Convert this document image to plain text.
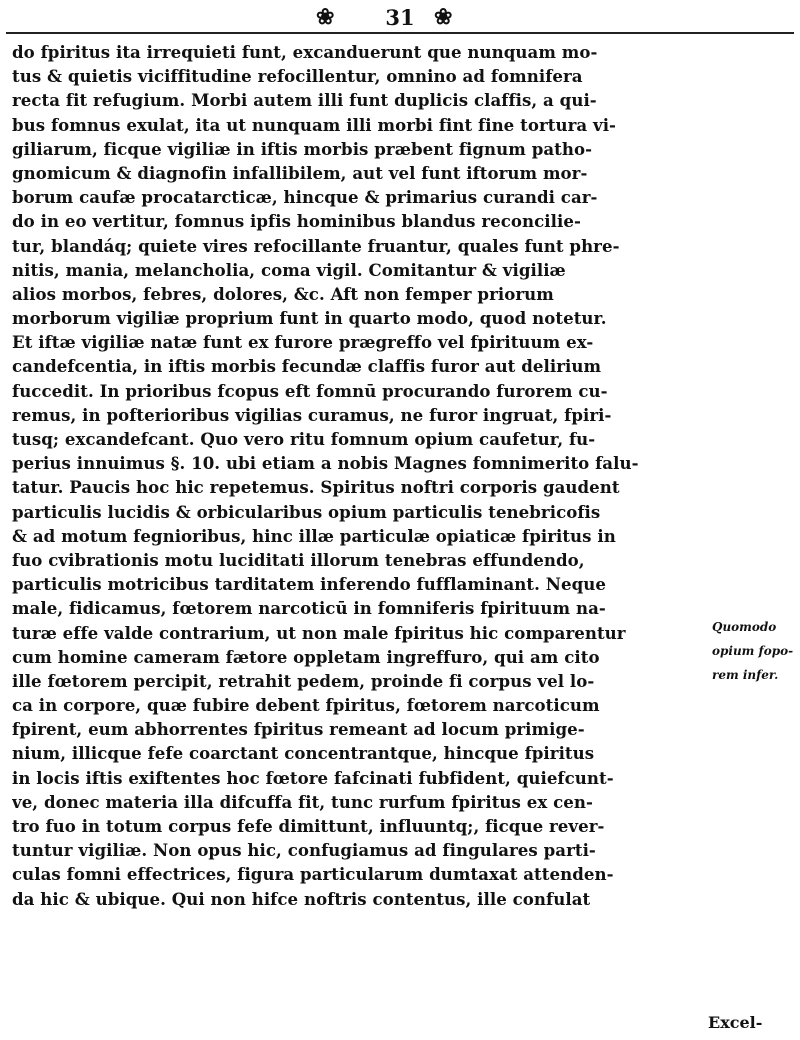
❀	31 ❀
do fpiritus ita irrequieti funt, excanduerunt que nunquam mo-
tus & quietis viciffitudine refocillentur, omnino ad fomnifera
recta fit refugium. Morbi autem illi funt duplicis claffis, a qui-
bus fomnus exulat, ita ut nunquam illi morbi fint fine tortura vi-
giliarum, ficque vigiliæ in iftis morbis præbent fignum patho-
gnomicum & diagnofin infallibilem, aut vel funt iftorum mor-
borum caufæ procatarcticæ, hincque & primarius curandi car-
do in eo vertitur, fomnus ipfis hominibus blandus reconcilie-
tur, blandáq; quiete vires refocillante fruantur, quales funt phre-
nitis, mania, melancholia, coma vigil. Comitantur & vigiliæ
alios morbos, febres, dolores, &c. Aft non femper priorum
morborum vigiliæ proprium funt in quarto modo, quod notetur.
Et iftæ vigiliæ natæ funt ex furore prægreffo vel fpirituum ex-
candefcentia, in iftis morbis fecundæ claffis furor aut delirium
fuccedit. In prioribus fcopus eft fomnū procurando furorem cu-
remus, in pofterioribus vigilias curamus, ne furor ingruat, fpiri-
tusq; excandefcant. Quo vero ritu fomnum opium caufetur, fu-
perius innuimus §. 10. ubi etiam a nobis Magnes fomnimerito falu-
tatur. Paucis hoc hic repetemus. Spiritus noftri corporis gaudent
particulis lucidis & orbicularibus opium particulis tenebricofis
& ad motum fegnioribus, hinc illæ particulæ opiaticæ fpiritus in
fuo cvibrationis motu luciditati illorum tenebras effundendo,
particulis motricibus tarditatem inferendo fufflaminant. Neque
male, fidicamus, fœtorem narcoticū in fomniferis fpirituum na-
turæ effe valde contrarium, ut non male fpiritus hic comparentur
cum homine cameram fætore oppletam ingreffuro, qui am cito
ille fœtorem percipit, retrahit pedem, proinde fi corpus vel lo-
ca in corpore, quæ fubire debent fpiritus, fœtorem narcoticum
fpirent, eum abhorrentes fpiritus remeant ad locum primige-
nium, illicque fefe coarctant concentrantque, hincque fpiritus
in locis iftis exiftentes hoc fœtore fafcinati fubfident, quiefcunt-
ve, donec materia illa difcuffa fit, tunc rurfum fpiritus ex cen-
tro fuo in totum corpus fefe dimittunt, influuntq;, ficque rever-
tuntur vigiliæ. Non opus hic, confugiamus ad fingulares parti-
culas fomni effectrices, figura particularum dumtaxat attenden-
da hic & ubique. Qui non hifce noftris contentus, ille confulat
Quomodo
opium fopo-
rem infer.
Excel-
